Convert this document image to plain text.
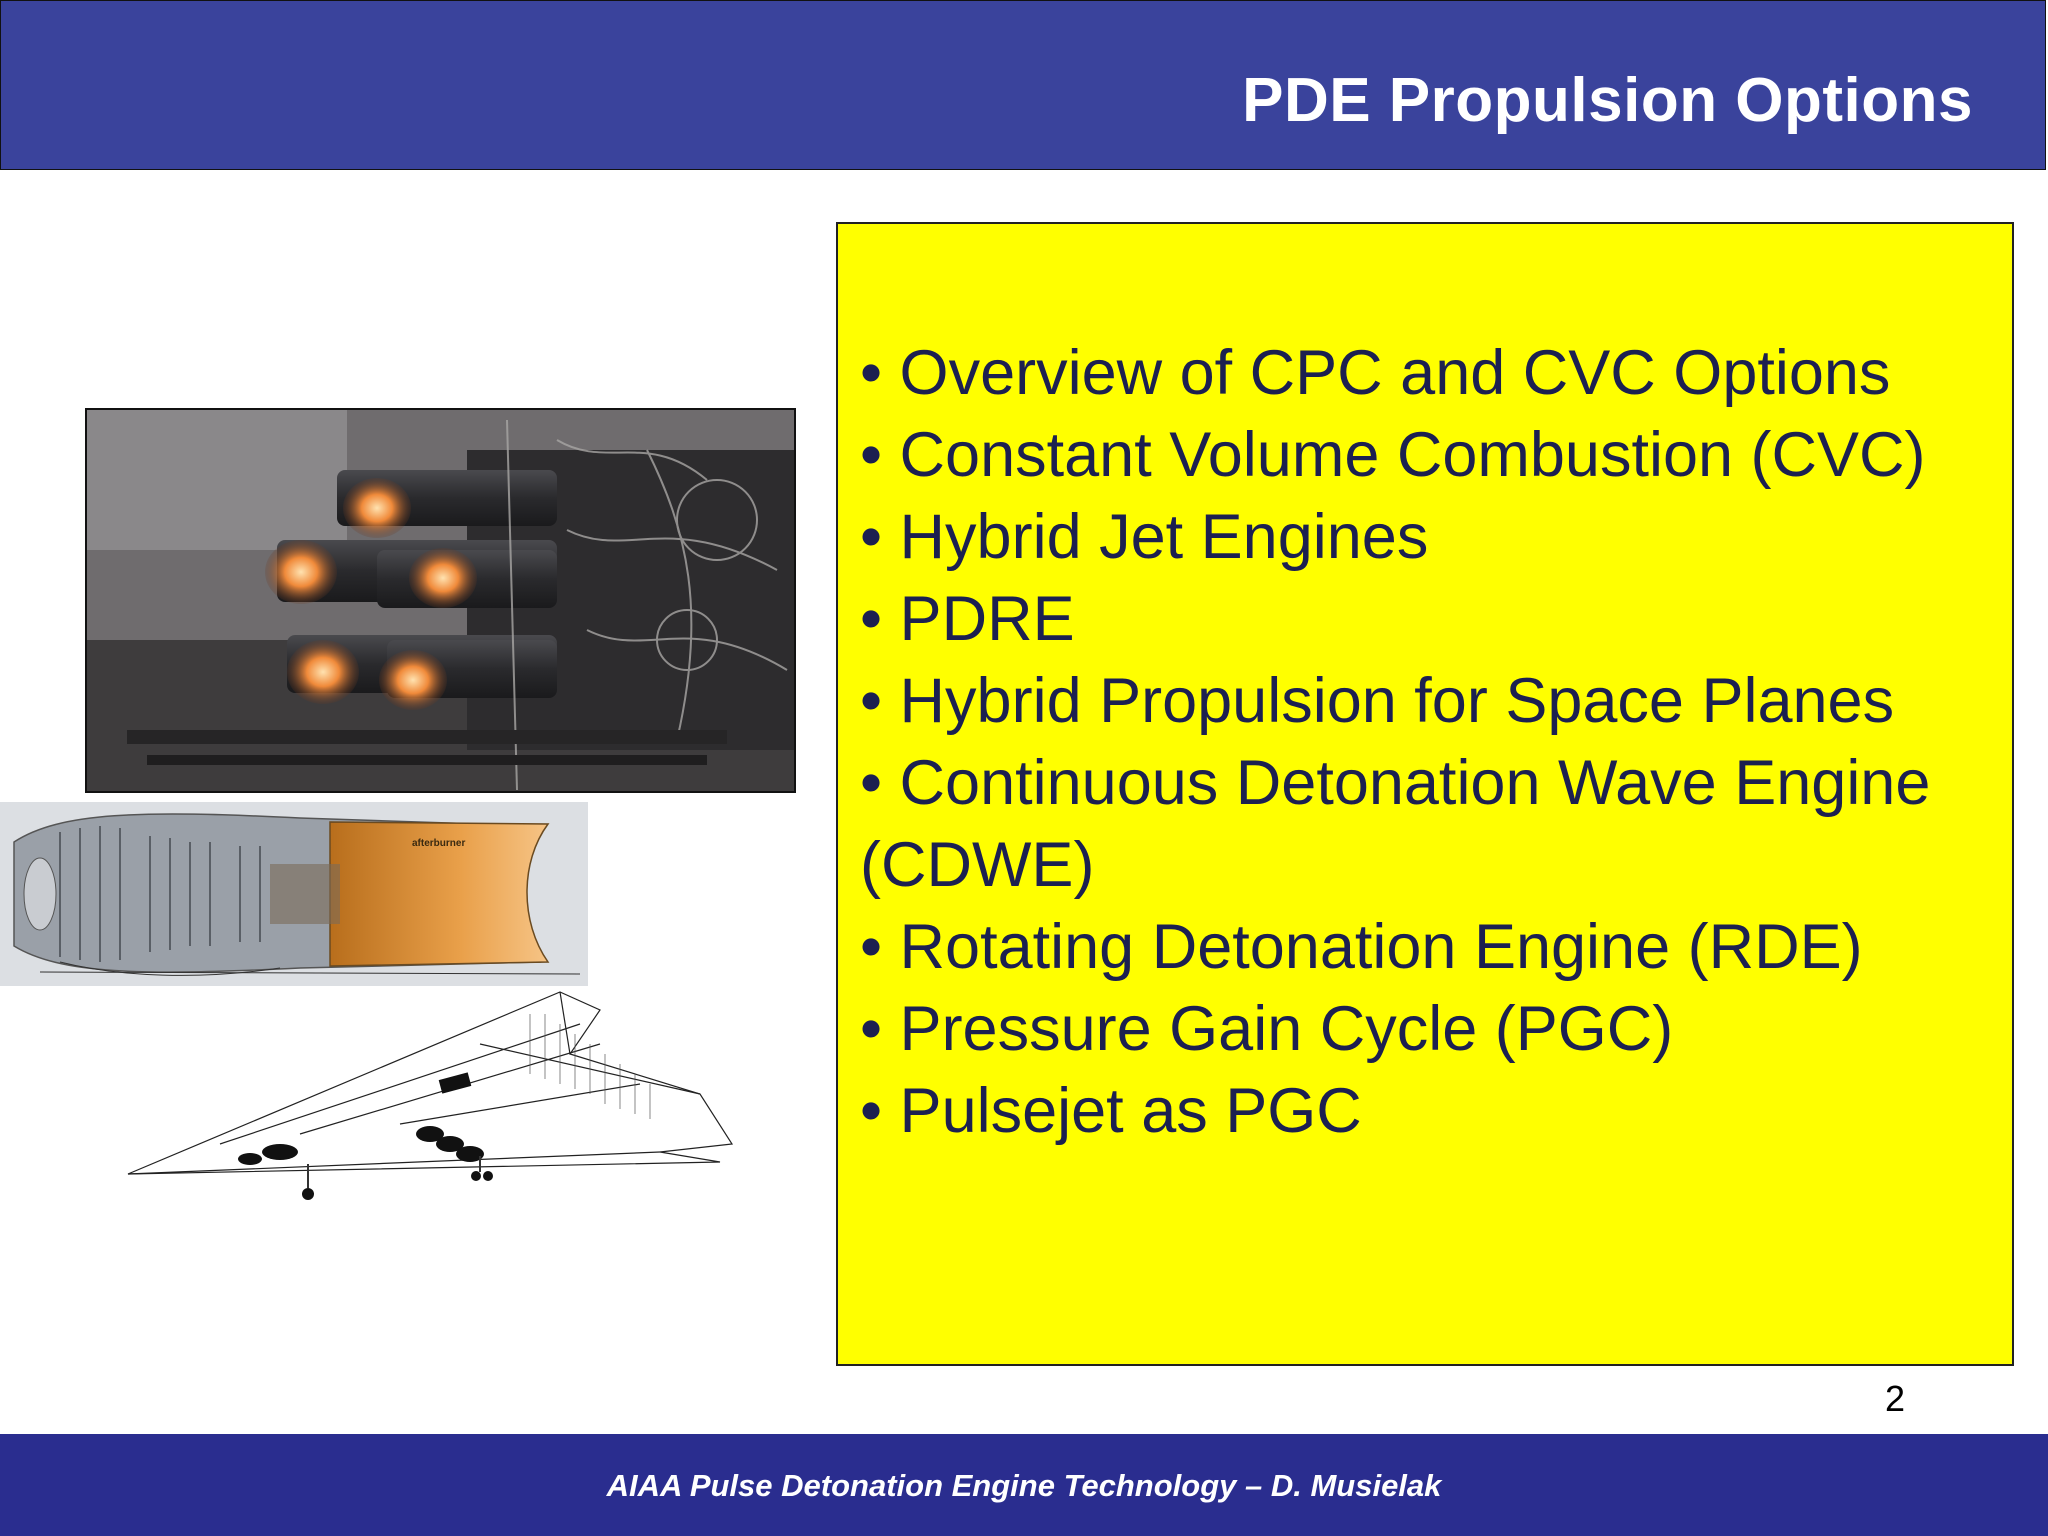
PDE Propulsion Options
afterburner
• Overview of CPC and CVC Options
• Constant Volume Combustion (CVC)
• Hybrid Jet Engines
• PDRE
• Hybrid Propulsion for Space Planes
• Continuous Detonation Wave Engine (CDWE)
• Rotating Detonation Engine (RDE)
• Pressure Gain Cycle (PGC)
• Pulsejet as PGC
2
AIAA Pulse Detonation Engine Technology – D. Musielak
